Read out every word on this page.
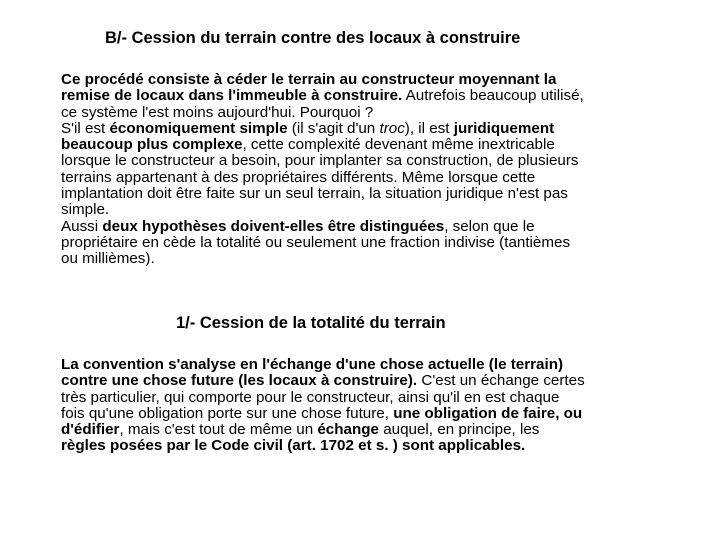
B/- Cession du terrain contre des locaux à construire
Ce procédé consiste à céder le terrain au constructeur moyennant la
remise de locaux dans l'immeuble à construire. Autrefois beaucoup utilisé,
ce système l'est moins aujourd'hui. Pourquoi ?
S'il est économiquement simple (il s'agit d'un troc), il est juridiquement
beaucoup plus complexe, cette complexité devenant même inextricable
lorsque le constructeur a besoin, pour implanter sa construction, de plusieurs
terrains appartenant à des propriétaires différents. Même lorsque cette
implantation doit être faite sur un seul terrain, la situation juridique n'est pas
simple.
Aussi deux hypothèses doivent-elles être distinguées, selon que le
propriétaire en cède la totalité ou seulement une fraction indivise (tantièmes
ou millièmes).
1/- Cession de la totalité du terrain
La convention s'analyse en l'échange d'une chose actuelle (le terrain)
contre une chose future (les locaux à construire). C'est un échange certes
très particulier, qui comporte pour le constructeur, ainsi qu'il en est chaque
fois qu'une obligation porte sur une chose future, une obligation de faire, ou
d'édifier, mais c'est tout de même un échange auquel, en principe, les
règles posées par le Code civil (art. 1702 et s. ) sont applicables.
